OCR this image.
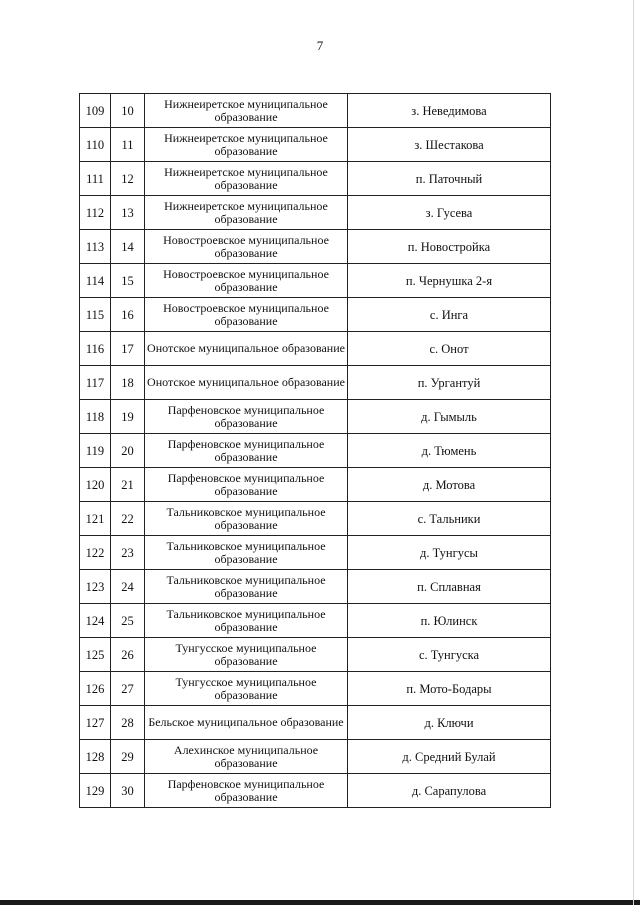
7
109	10	Нижнеиретское муниципальное образование	з. Неведимова
110	11	Нижнеиретское муниципальное образование	з. Шестакова
111	12	Нижнеиретское муниципальное образование	п. Паточный
112	13	Нижнеиретское муниципальное образование	з. Гусева
113	14	Новостроевское муниципальное образование	п. Новостройка
114	15	Новостроевское муниципальное образование	п. Чернушка 2-я
115	16	Новостроевское муниципальное образование	с. Инга
116	17	Онотское муниципальное образование	с. Онот
117	18	Онотское муниципальное образование	п. Ургантуй
118	19	Парфеновское муниципальное образование	д. Гымыль
119	20	Парфеновское муниципальное образование	д. Тюмень
120	21	Парфеновское муниципальное образование	д. Мотова
121	22	Тальниковское муниципальное образование	с. Тальники
122	23	Тальниковское муниципальное образование	д. Тунгусы
123	24	Тальниковское муниципальное образование	п. Сплавная
124	25	Тальниковское муниципальное образование	п. Юлинск
125	26	Тунгусское муниципальное образование	с. Тунгуска
126	27	Тунгусское муниципальное образование	п. Мото-Бодары
127	28	Бельское муниципальное образование	д. Ключи
128	29	Алехинское муниципальное образование	д. Средний Булай
129	30	Парфеновское муниципальное образование	д. Сарапулова
